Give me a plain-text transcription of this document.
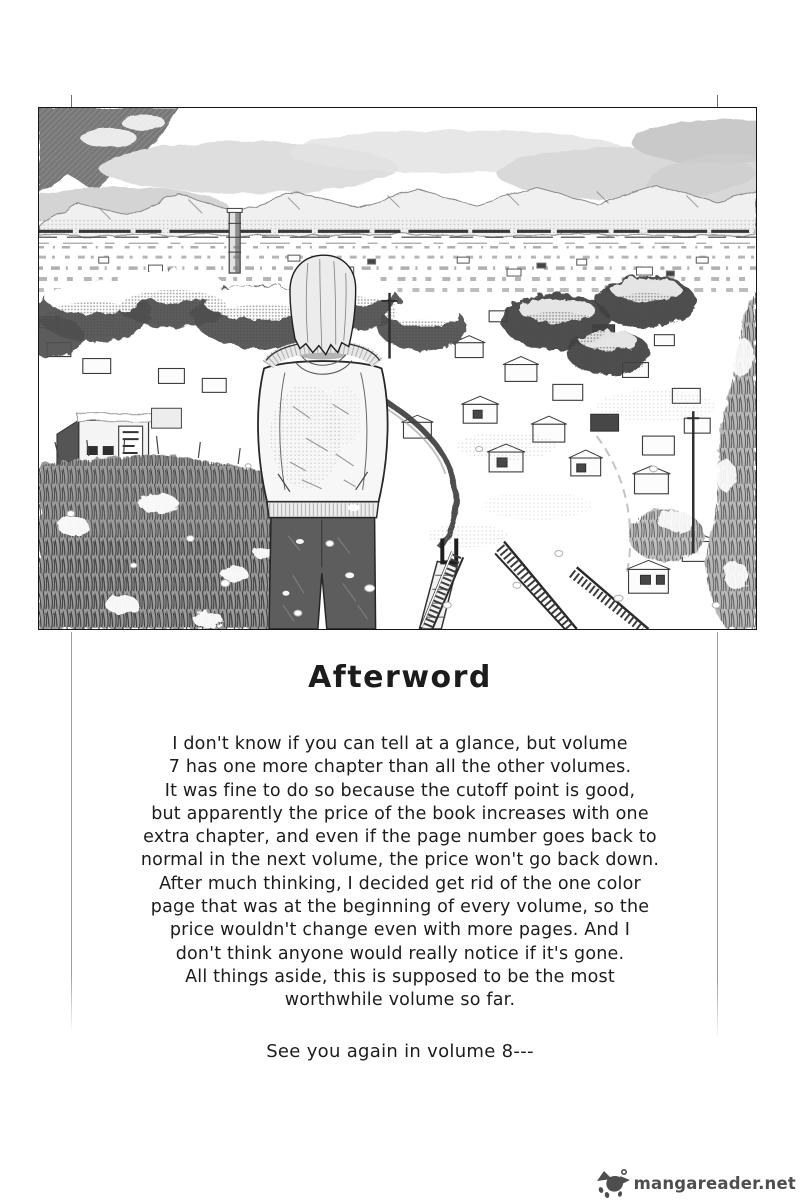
Afterword
I don't know if you can tell at a glance, but volume
7 has one more chapter than all the other volumes.
It was fine to do so because the cutoff point is good,
but apparently the price of the book increases with one
extra chapter, and even if the page number goes back to
normal in the next volume, the price won't go back down.
After much thinking, I decided get rid of the one color
page that was at the beginning of every volume, so the
price wouldn't change even with more pages. And I
don't think anyone would really notice if it's gone.
All things aside, this is supposed to be the most
worthwhile volume so far.
See you again in volume 8---
mangareader.net
